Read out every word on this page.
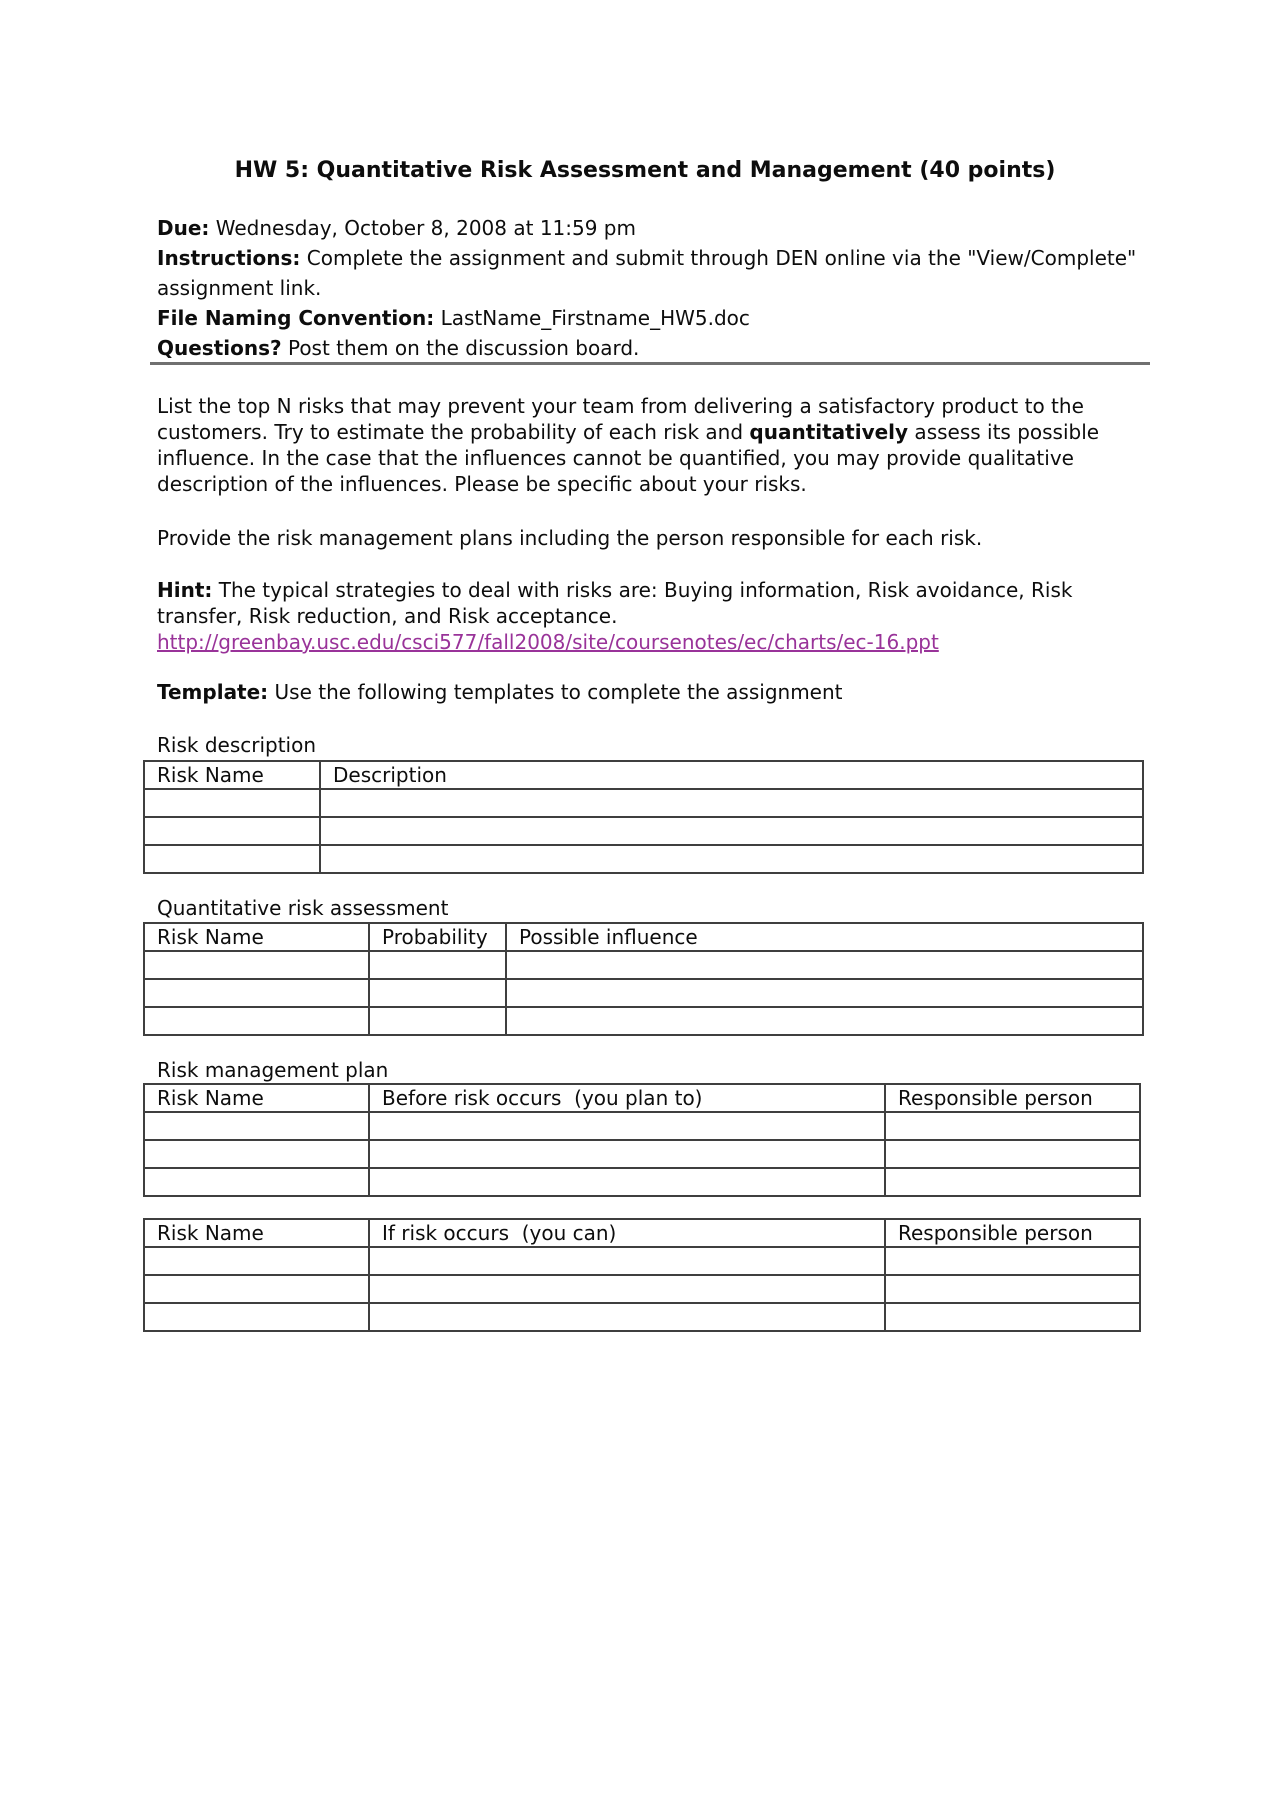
HW 5: Quantitative Risk Assessment and Management (40 points)
Due: Wednesday, October 8, 2008 at 11:59 pm
Instructions: Complete the assignment and submit through DEN online via the "View/Complete" assignment link.
File Naming Convention: LastName_Firstname_HW5.doc
Questions? Post them on the discussion board.
List the top N risks that may prevent your team from delivering a satisfactory product to the customers. Try to estimate the probability of each risk and quantitatively assess its possible influence. In the case that the influences cannot be quantified, you may provide qualitative description of the influences. Please be specific about your risks.
Provide the risk management plans including the person responsible for each risk.
Hint: The typical strategies to deal with risks are: Buying information, Risk avoidance, Risk transfer, Risk reduction, and Risk acceptance.
http://greenbay.usc.edu/csci577/fall2008/site/coursenotes/ec/charts/ec-16.ppt
Template: Use the following templates to complete the assignment
Risk description
Risk Name	Description

Quantitative risk assessment
Risk Name	Probability	Possible influence

Risk management plan
Risk Name	Before risk occurs  (you plan to)	Responsible person

Risk Name	If risk occurs  (you can)	Responsible person
